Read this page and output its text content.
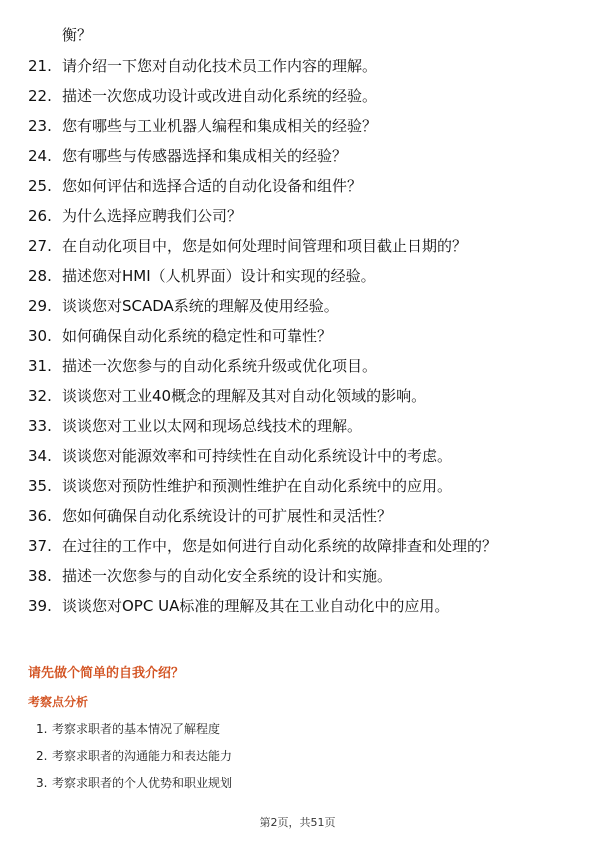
衡？
21. 请介绍一下您对自动化技术员工作内容的理解。
22. 描述一次您成功设计或改进自动化系统的经验。
23. 您有哪些与工业机器人编程和集成相关的经验？
24. 您有哪些与传感器选择和集成相关的经验？
25. 您如何评估和选择合适的自动化设备和组件？
26. 为什么选择应聘我们公司？
27. 在自动化项目中，您是如何处理时间管理和项目截止日期的？
28. 描述您对HMI（人机界面）设计和实现的经验。
29. 谈谈您对SCADA系统的理解及使用经验。
30. 如何确保自动化系统的稳定性和可靠性？
31. 描述一次您参与的自动化系统升级或优化项目。
32. 谈谈您对工业40概念的理解及其对自动化领域的影响。
33. 谈谈您对工业以太网和现场总线技术的理解。
34. 谈谈您对能源效率和可持续性在自动化系统设计中的考虑。
35. 谈谈您对预防性维护和预测性维护在自动化系统中的应用。
36. 您如何确保自动化系统设计的可扩展性和灵活性？
37. 在过往的工作中，您是如何进行自动化系统的故障排查和处理的？
38. 描述一次您参与的自动化安全系统的设计和实施。
39. 谈谈您对OPC UA标准的理解及其在工业自动化中的应用。
请先做个简单的自我介绍？
考察点分析
1. 考察求职者的基本情况了解程度
2. 考察求职者的沟通能力和表达能力
3. 考察求职者的个人优势和职业规划
第2页，共51页
